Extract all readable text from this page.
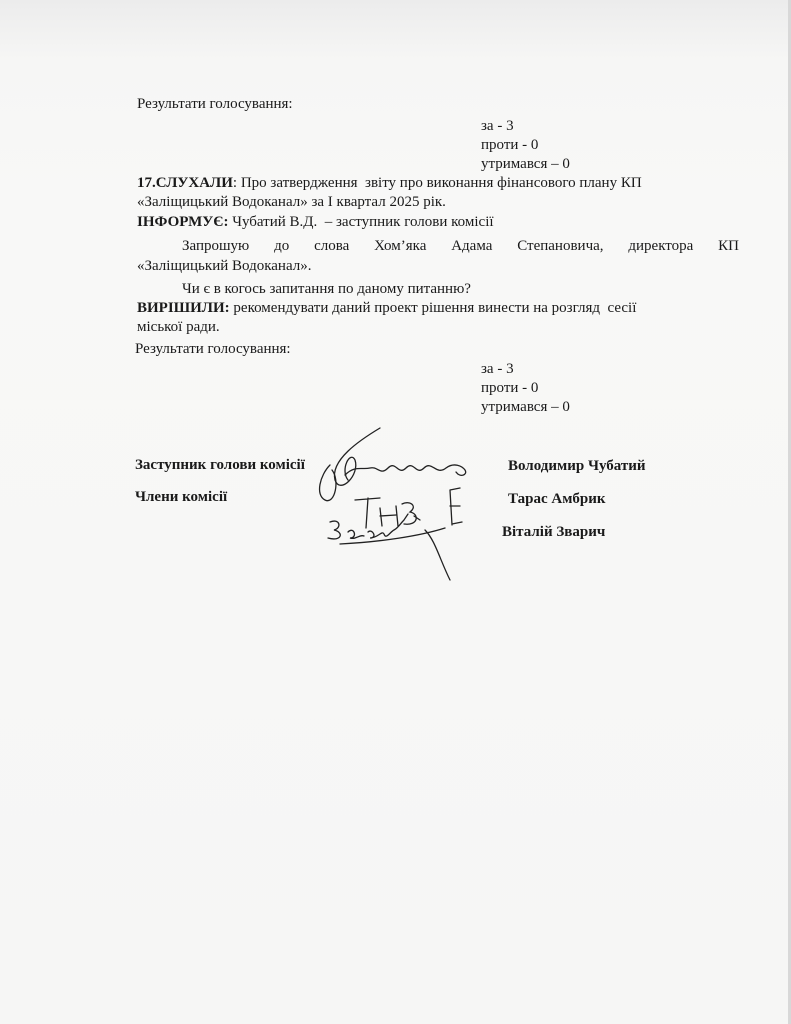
Результати голосування:
за - 3
проти - 0
утримався – 0
17.СЛУХАЛИ : Про затвердження  звіту про виконання фінансового плану КП
«Заліщицький Водоканал» за І квартал 2025 рік.
ІНФОРМУЄ: Чубатий В.Д.  – заступник голови комісії
Запрошую до слова Хом’яка Адама Степановича, директора КП
«Заліщицький Водоканал».
Чи є в когось запитання по даному питанню?
ВИРІШИЛИ: рекомендувати даний проект рішення винести на розгляд  сесії
міської ради.
Результати голосування:
за - 3
проти - 0
утримався – 0
Заступник голови комісії	Володимир Чубатий
Члени комісії	Тарас Амбрик
Віталій Зварич
